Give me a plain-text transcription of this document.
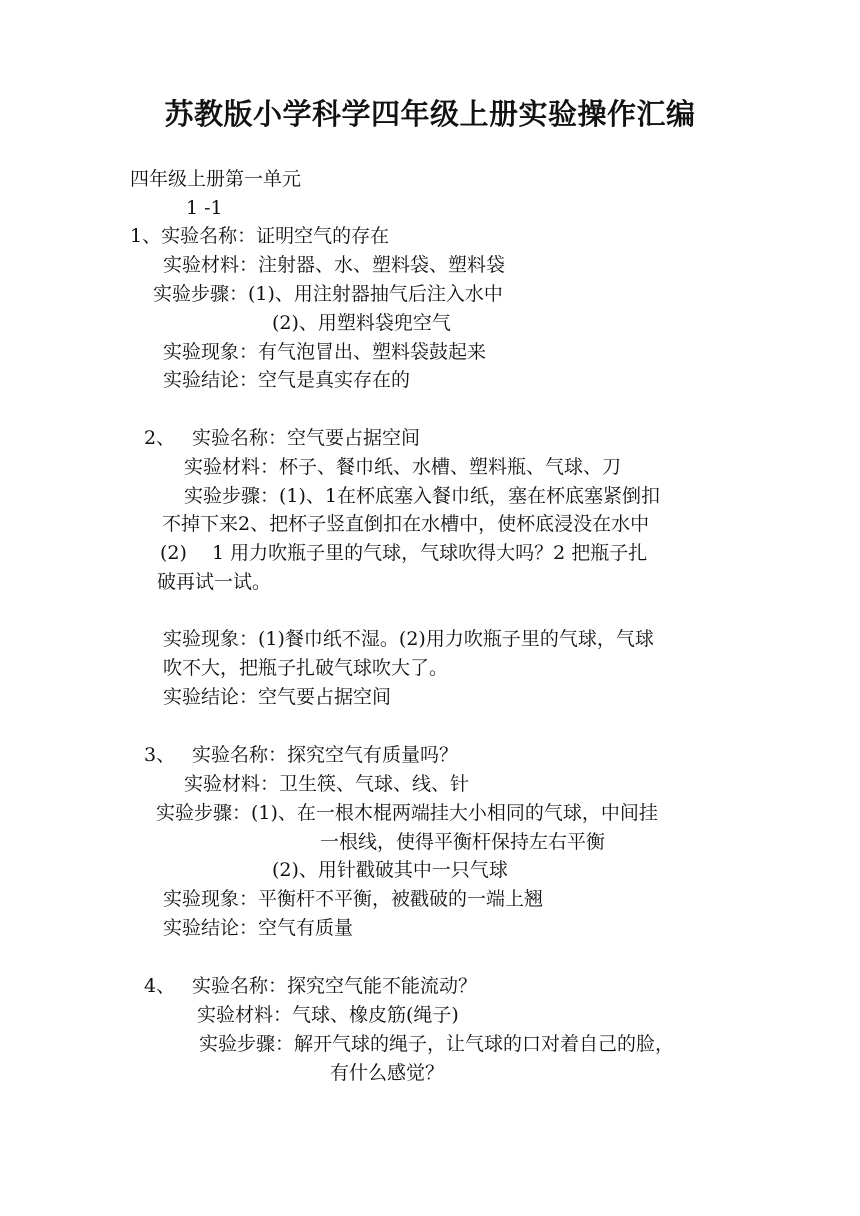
苏教版小学科学四年级上册实验操作汇编
四年级上册第一单元
1 -1
1、实验名称：证明空气的存在
实验材料：注射器、水、塑料袋、塑料袋
实验步骤：(1)、用注射器抽气后注入水中
(2)、用塑料袋兜空气
实验现象：有气泡冒出、塑料袋鼓起来
实验结论：空气是真实存在的
2、 实验名称：空气要占据空间
实验材料：杯子、餐巾纸、水槽、塑料瓶、气球、刀
实验步骤：(1)、1在杯底塞入餐巾纸，塞在杯底塞紧倒扣
不掉下来2、把杯子竖直倒扣在水槽中，使杯底浸没在水中
(2)　 1 用力吹瓶子里的气球，气球吹得大吗？2 把瓶子扎
破再试一试。
实验现象：(1)餐巾纸不湿。(2)用力吹瓶子里的气球，气球
吹不大，把瓶子扎破气球吹大了。
实验结论：空气要占据空间
3、 实验名称：探究空气有质量吗？
实验材料：卫生筷、气球、线、针
实验步骤：(1)、在一根木棍两端挂大小相同的气球，中间挂
一根线，使得平衡杆保持左右平衡
(2)、用针戳破其中一只气球
实验现象：平衡杆不平衡，被戳破的一端上翘
实验结论：空气有质量
4、 实验名称：探究空气能不能流动？
实验材料：气球、橡皮筋(绳子)
实验步骤：解开气球的绳子，让气球的口对着自己的脸，
有什么感觉？
